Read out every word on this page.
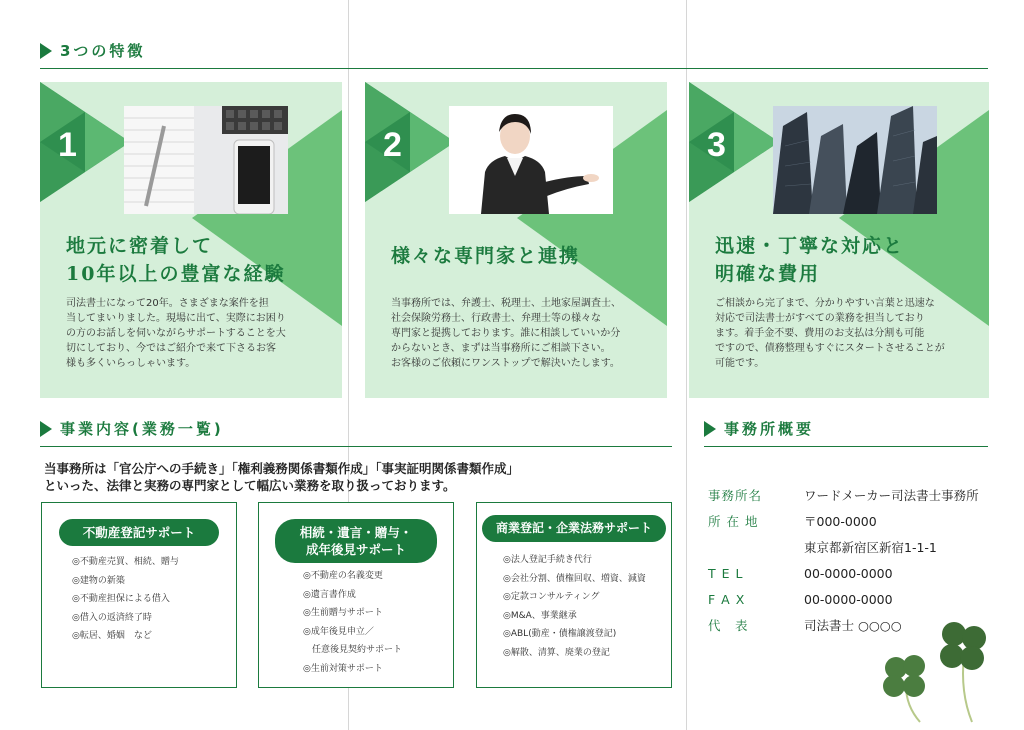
3つの特徴
1
地元に密着して
10年以上の豊富な経験
司法書士になって20年。さまざまな案件を担
当してまいりました。現場に出て、実際にお困り
の方のお話しを伺いながらサポートすることを大
切にしており、今ではご紹介で来て下さるお客
様も多くいらっしゃいます。
2
様々な専門家と連携
当事務所では、弁護士、税理士、土地家屋調査士、
社会保険労務士、行政書士、弁理士等の様々な
専門家と提携しております。誰に相談していいか分
からないとき、まずは当事務所にご相談下さい。
お客様のご依頼にワンストップで解決いたします。
3
迅速・丁寧な対応と
明確な費用
ご相談から完了まで、分かりやすい言葉と迅速な
対応で司法書士がすべての業務を担当しており
ます。着手金不要、費用のお支払は分割も可能
ですので、債務整理もすぐにスタートさせることが
可能です。
事業内容(業務一覧)
当事務所は「官公庁への手続き」「権利義務関係書類作成」「事実証明関係書類作成」
といった、法律と実務の専門家として幅広い業務を取り扱っております。
不動産登記サポート
◎不動産売買、相続、贈与
◎建物の新築
◎不動産担保による借入
◎借入の返済終了時
◎転居、婚姻　など
相続・遺言・贈与・
成年後見サポート
◎不動産の名義変更
◎遺言書作成
◎生前贈与サポート
◎成年後見申立／
　任意後見契約サポート
◎生前対策サポート
商業登記・企業法務サポート
◎法人登記手続き代行
◎会社分割、債権回収、増資、減資
◎定款コンサルティング
◎M&A、事業継承
◎ABL(動産・債権譲渡登記)
◎解散、清算、廃業の登記
事務所概要
事務所名	ワードメーカー司法書士事務所
所 在 地	〒000-0000
東京都新宿区新宿1-1-1
T E L	00-0000-0000
F A X	00-0000-0000
代　表	司法書士 ○○○○
